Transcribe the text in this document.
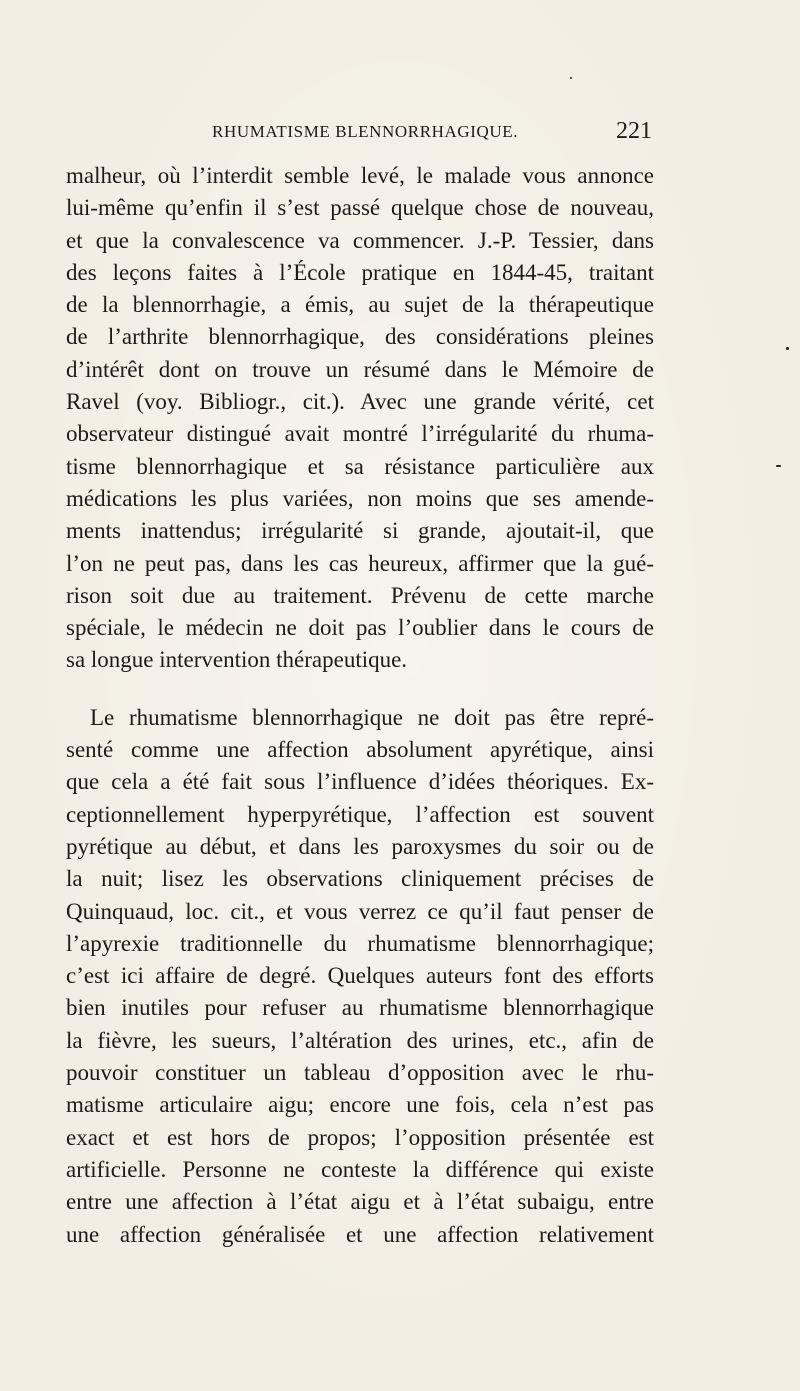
RHUMATISME BLENNORRHAGIQUE.	221
malheur, où l’interdit semble levé, le malade vous annonce
lui-même qu’enfin il s’est passé quelque chose de nouveau,
et que la convalescence va commencer. J.-P. Tessier, dans
des leçons faites à l’École pratique en 1844-45, traitant
de la blennorrhagie, a émis, au sujet de la thérapeutique
de l’arthrite blennorrhagique, des considérations pleines
d’intérêt dont on trouve un résumé dans le Mémoire de
Ravel (voy. Bibliogr., cit.). Avec une grande vérité, cet
observateur distingué avait montré l’irrégularité du rhuma-
tisme blennorrhagique et sa résistance particulière aux
médications les plus variées, non moins que ses amende-
ments inattendus; irrégularité si grande, ajoutait-il, que
l’on ne peut pas, dans les cas heureux, affirmer que la gué-
rison soit due au traitement. Prévenu de cette marche
spéciale, le médecin ne doit pas l’oublier dans le cours de
sa longue intervention thérapeutique.
Le rhumatisme blennorrhagique ne doit pas être repré-
senté comme une affection absolument apyrétique, ainsi
que cela a été fait sous l’influence d’idées théoriques. Ex-
ceptionnellement hyperpyrétique, l’affection est souvent
pyrétique au début, et dans les paroxysmes du soir ou de
la nuit; lisez les observations cliniquement précises de
Quinquaud, loc. cit., et vous verrez ce qu’il faut penser de
l’apyrexie traditionnelle du rhumatisme blennorrhagique;
c’est ici affaire de degré. Quelques auteurs font des efforts
bien inutiles pour refuser au rhumatisme blennorrhagique
la fièvre, les sueurs, l’altération des urines, etc., afin de
pouvoir constituer un tableau d’opposition avec le rhu-
matisme articulaire aigu; encore une fois, cela n’est pas
exact et est hors de propos; l’opposition présentée est
artificielle. Personne ne conteste la différence qui existe
entre une affection à l’état aigu et à l’état subaigu, entre
une affection généralisée et une affection relativement
